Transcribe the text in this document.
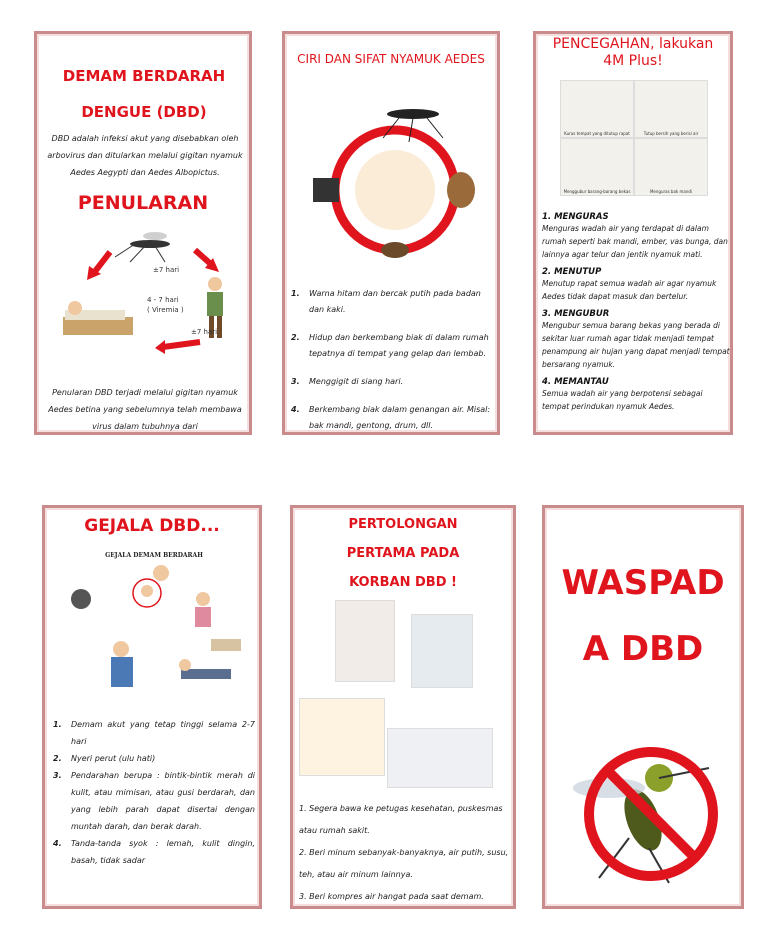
DEMAM BERDARAH DENGUE (DBD)
DBD adalah infeksi akut yang disebabkan oleh arbovirus dan ditularkan melalui gigitan nyamuk Aedes Aegypti dan Aedes Albopictus.
PENULARAN
±7 hari
4 - 7 hari
( Viremia )
±7 hari
Penularan DBD terjadi melalui gigitan nyamuk Aedes betina yang sebelumnya telah membawa virus dalam tubuhnya dari
CIRI DAN SIFAT NYAMUK AEDES
1. Warna hitam dan bercak putih pada badan dan kaki.
2. Hidup dan berkembang biak di dalam rumah tepatnya di tempat yang gelap dan lembab.
3. Menggigit di siang hari.
4. Berkembang biak dalam genangan air. Misal: bak mandi, gentong, drum, dll.
PENCEGAHAN, lakukan 4M Plus!
Kuras tempat yang ditutup rapat	Tutup bersih yang berisi air
Menggubur barang-barang bekas	Menguras bak mandi
1. MENGURAS
Menguras wadah air yang terdapat di dalam rumah seperti bak mandi, ember, vas bunga, dan lainnya agar telur dan jentik nyamuk mati.
2. MENUTUP
Menutup rapat semua wadah air agar nyamuk Aedes tidak dapat masuk dan bertelur.
3. MENGUBUR
Mengubur semua barang bekas yang berada di sekitar luar rumah agar tidak menjadi tempat penampung air hujan yang dapat menjadi tempat bersarang nyamuk.
4. MEMANTAU
Semua wadah air yang berpotensi sebagai tempat perindukan nyamuk Aedes.
GEJALA DBD...
GEJALA DEMAM BERDARAH
1. Demam akut yang tetap tinggi selama 2-7 hari
2. Nyeri perut (ulu hati)
3. Pendarahan berupa : bintik-bintik merah di kulit, atau mimisan, atau gusi berdarah, dan yang lebih parah dapat disertai dengan muntah darah, dan berak darah.
4. Tanda-tanda syok : lemah, kulit dingin, basah, tidak sadar
PERTOLONGAN PERTAMA PADA KORBAN DBD !
1. Segera bawa ke petugas kesehatan, puskesmas atau rumah sakit.
2. Beri minum sebanyak-banyaknya, air putih, susu, teh, atau air minum lainnya.
3. Beri kompres air hangat pada saat demam.
WASPADA DBD
